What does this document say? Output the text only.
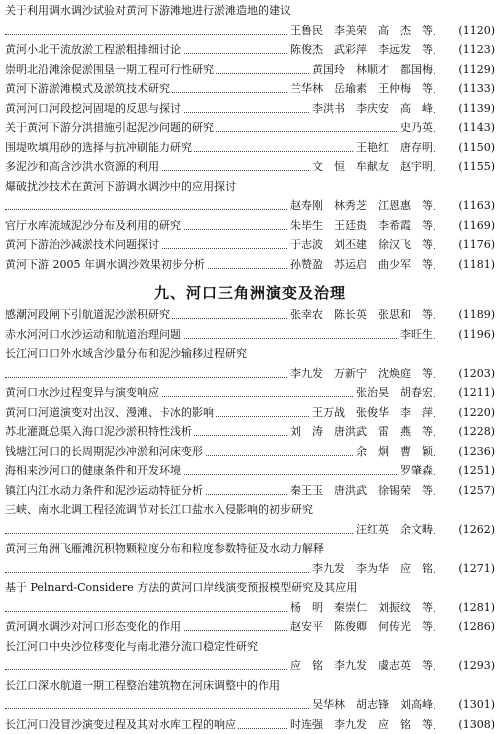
关于利用调水调沙试验对黄河下游滩地进行淤滩造地的建议
王鲁民　李美荣　高　杰　等	(1120)
黄河小北干流放淤工程淤粗排细讨论	陈俊杰　武彩萍　李远发　等	(1123)
崇明北沿滩涂促淤围垦一期工程可行性研究	黄国玲　林顺才　都国梅	(1129)
黄河下游淤滩模式及淤筑技术研究	兰华林　岳瑜素　王仲梅　等	(1133)
黄河河口河段挖河固堤的反思与探讨	李洪书　李庆安　高　峰	(1139)
关于黄河下游分洪措施引起泥沙问题的研究	史乃英	(1143)
围堤吹填用砂的选择与抗冲刷能力研究	王艳红　唐存明	(1150)
多泥沙和高含沙洪水资源的利用	文　恒　牟献友　赵宇明	(1155)
爆破扰沙技术在黄河下游调水调沙中的应用探讨
赵寿刚　林秀芝　江恩惠　等	(1163)
官厅水库流域泥沙分布及利用的研究	朱毕生　王廷贵　李希霞　等	(1169)
黄河下游治沙减淤技术问题探讨	于志波　刘丕建　徐汉飞　等	(1176)
黄河下游 2005 年调水调沙效果初步分析	孙赞盈　苏运启　曲少军　等	(1181)
九、河口三角洲演变及治理
感潮河段闸下引航道泥沙淤积研究	张幸农　陈长英　张思和　等	(1189)
赤水河河口水沙运动和航道治理问题	李旺生	(1196)
长江河口口外水域含沙量分布和泥沙输移过程研究
李九发　万新宁　沈焕庭　等	(1203)
黄河口水沙过程变异与演变响应	张治昊　胡春宏	(1211)
黄河口河道演变对出汊、漫滩、卡冰的影响	王万战　张俊华　李　萍	(1220)
苏北灌溉总渠入海口泥沙淤积特性浅析	刘　涛　唐洪武　雷　燕　等	(1228)
钱塘江河口的长周期泥沙冲淤和河床变形	余　炯　曹　颖	(1236)
海相来沙河口的健康条件和开发环境	罗肇森	(1251)
镇江内江水动力条件和泥沙运动特征分析	秦王玉　唐洪武　徐锡荣　等	(1257)
三峡、南水北调工程径流调节对长江口盐水入侵影响的初步研究
汪红英　余文畴	(1262)
黄河三角洲飞雁滩沉积物颗粒度分布和粒度参数特征及水动力解释
李九发　李为华　应　铭	(1271)
基于 Pelnard-Considere 方法的黄河口岸线演变预报模型研究及其应用
杨　明　秦崇仁　刘振纹　等	(1281)
黄河调水调沙对河口形态变化的作用	赵安平　陈俊卿　何传光　等	(1286)
长江河口中央沙位移变化与南北港分流口稳定性研究
应　铭　李九发　虞志英　等	(1293)
长江口深水航道一期工程整治建筑物在河床调整中的作用
吴华林　胡志锋　刘高峰	(1301)
长江河口没冒沙演变过程及其对水库工程的响应	时连强　李九发　应　铭　等	(1308)
